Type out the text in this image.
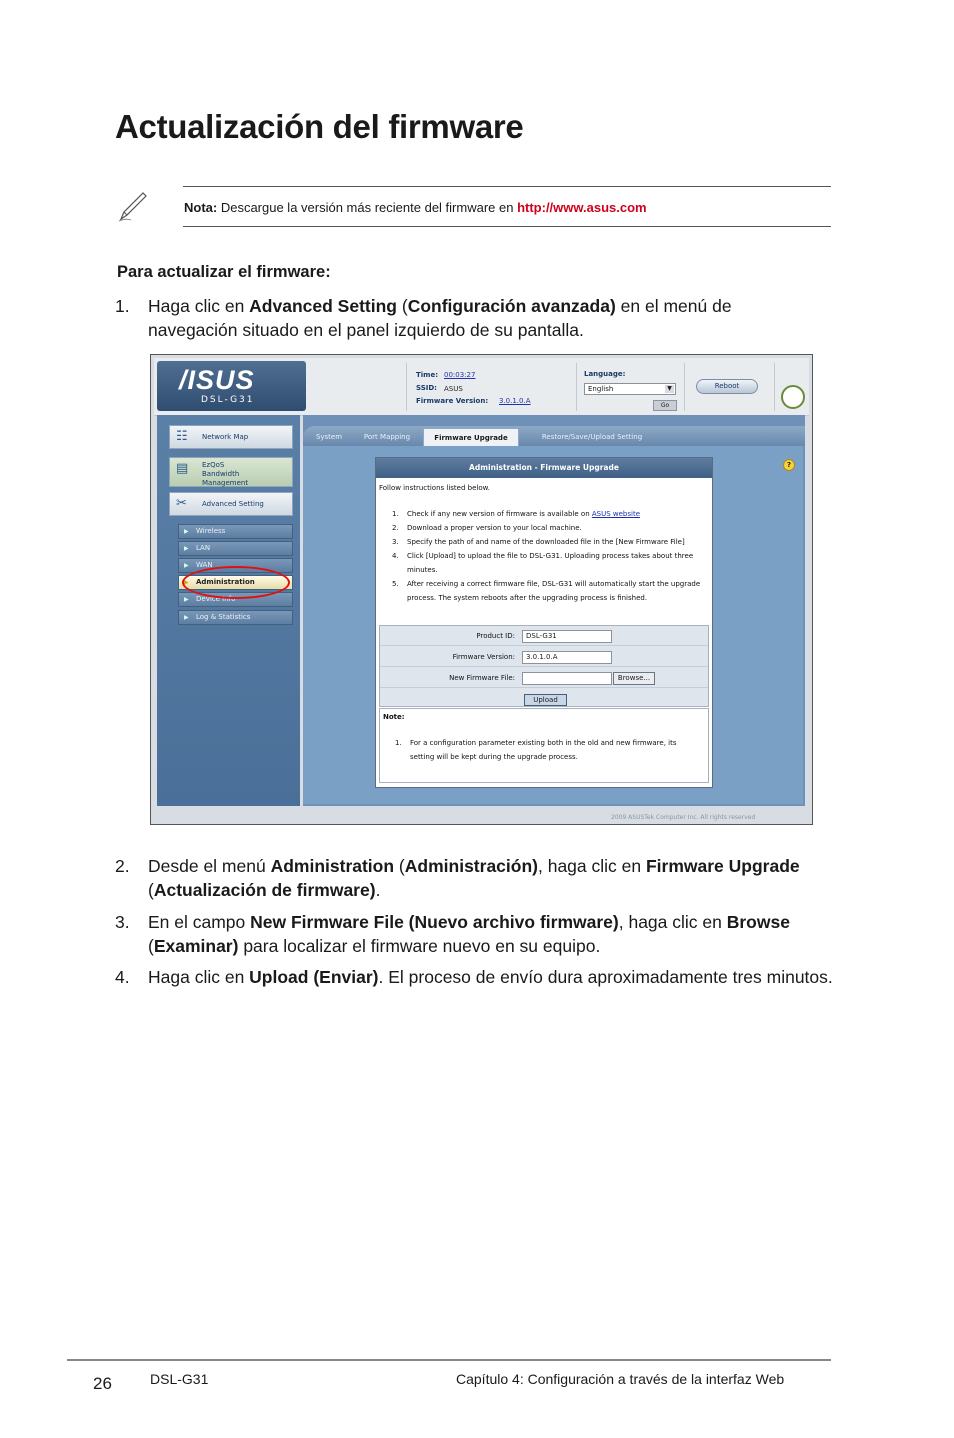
Actualización del firmware
Nota: Descargue la versión más reciente del firmware en http://www.asus.com
Para actualizar el firmware:
1. Haga clic en Advanced Setting (Configuración avanzada) en el menú de navegación situado en el panel izquierdo de su pantalla.
/ISUS
DSL-G31
Time: 00:03:27
SSID: ASUS
Firmware Version: 3.0.1.0.A
Language:
English	▼
Go
Reboot
☷	Network Map
▤ EzQoS Bandwidth Management
✂	Advanced Setting
▶ Wireless
▶ LAN
▶ WAN
▶ Administration
▶ Device Info
▶ Log & Statistics
System	Port Mapping	Firmware Upgrade	Restore/Save/Upload Setting
?
Administration - Firmware Upgrade
Follow instructions listed below.
1. Check if any new version of firmware is available on ASUS website
2. Download a proper version to your local machine.
3. Specify the path of and name of the downloaded file in the [New Firmware File]
4. Click [Upload] to upload the file to DSL-G31. Uploading process takes about three
minutes.
5. After receiving a correct firmware file, DSL-G31 will automatically start the upgrade
process. The system reboots after the upgrading process is finished.
Product ID:	DSL-G31
Firmware Version:	3.0.1.0.A
New Firmware File:	Browse...
Upload
Note:
1. For a configuration parameter existing both in the old and new firmware, its
setting will be kept during the upgrade process.
2009 ASUSTek Computer Inc. All rights reserved
2. Desde el menú Administration (Administración), haga clic en Firmware Upgrade (Actualización de firmware).
3. En el campo New Firmware File (Nuevo archivo firmware), haga clic en Browse (Examinar) para localizar el firmware nuevo en su equipo.
4. Haga clic en Upload (Enviar). El proceso de envío dura aproximadamente tres minutos.
26	DSL-G31	Capítulo 4: Configuración a través de la interfaz Web
